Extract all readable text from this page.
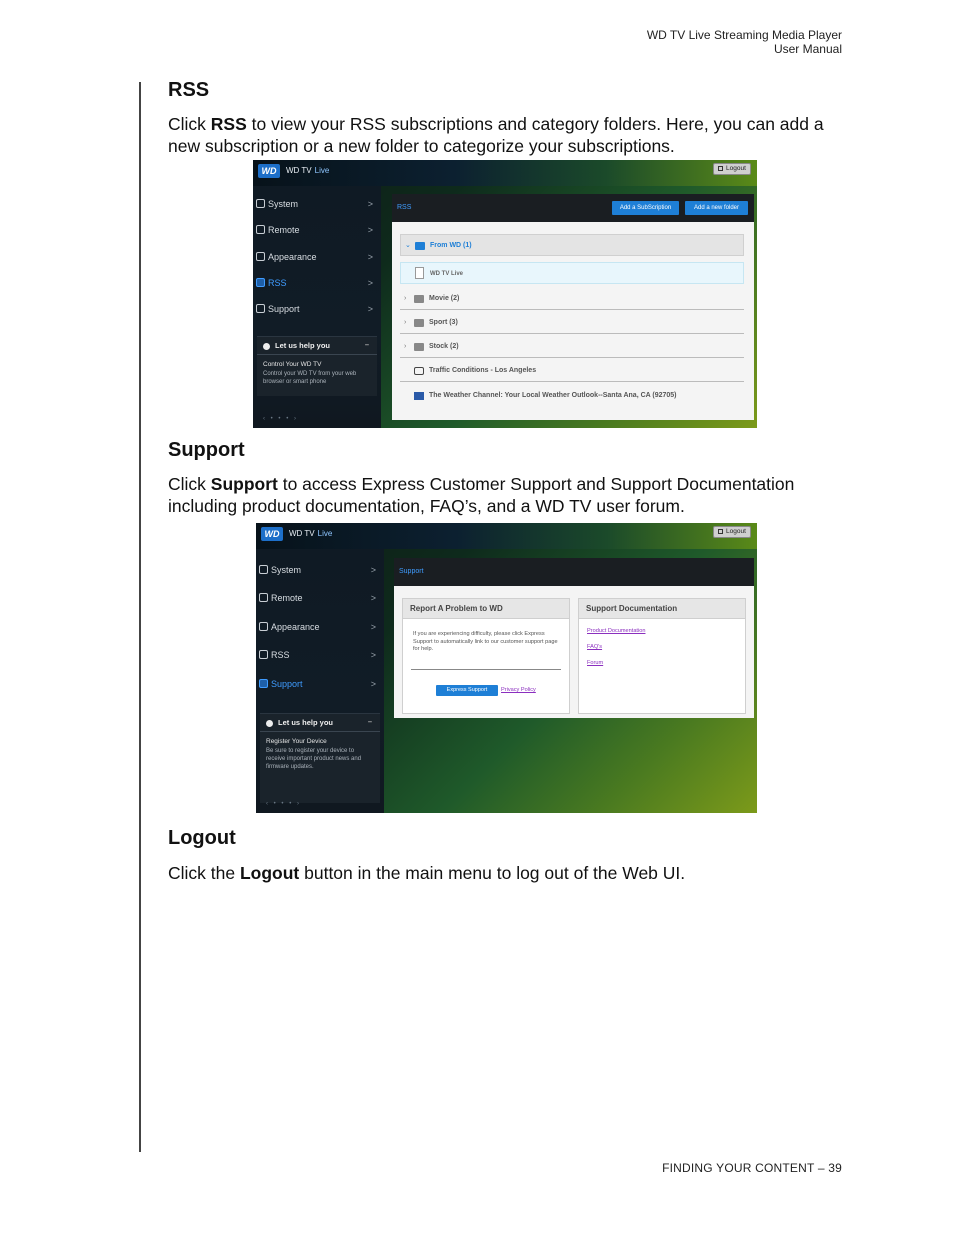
WD TV Live Streaming Media Player
User Manual
RSS
Click RSS to view your RSS subscriptions and category folders. Here, you can add a new subscription or a new folder to categorize your subscriptions.
WD	WD TV Live	Logout
System	>
Remote	>
Appearance	>
RSS	>
Support	>
Let us help you	–
Control Your WD TV
Control your WD TV from your web browser or smart phone
‹ • • • ›
RSS	Add a SubScription	Add a new folder
⌄	From WD (1)
WD TV Live
›	Movie (2)
›	Sport (3)
›	Stock (2)
Traffic Conditions - Los Angeles
The Weather Channel: Your Local Weather Outlook--Santa Ana, CA (92705)
Support
Click Support to access Express Customer Support and Support Documentation including product documentation, FAQ’s, and a WD TV user forum.
WD	WD TV Live	Logout
System	>
Remote	>
Appearance	>
RSS	>
Support	>
Let us help you	–
Register Your Device
Be sure to register your device to receive important product news and firmware updates.
‹ • • • ›
Support
Report A Problem to WD
If you are experiencing difficulty, please click Express Support to automatically link to our customer support page for help.
Express Support	Privacy Policy
Support Documentation
Product Documentation
FAQ's
Forum
Logout
Click the Logout button in the main menu to log out of the Web UI.
FINDING YOUR CONTENT – 39
